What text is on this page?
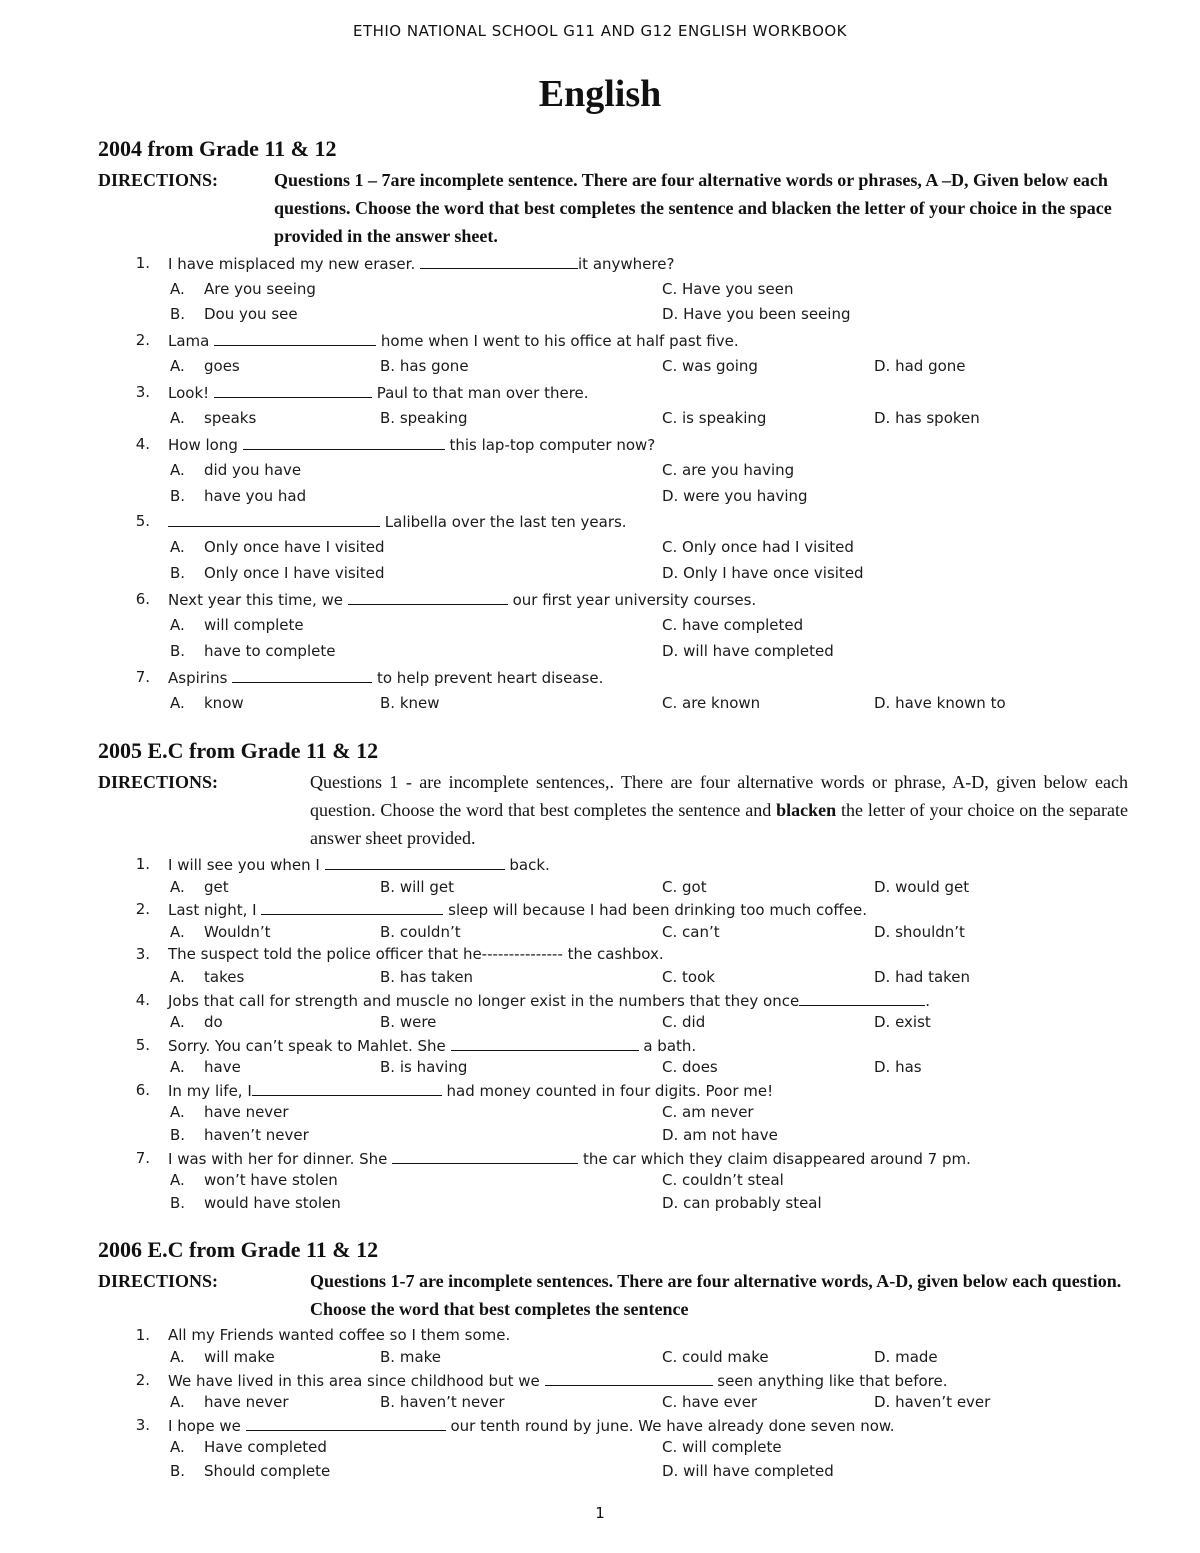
ETHIO NATIONAL SCHOOL G11 AND G12 ENGLISH WORKBOOK
English
2004 from Grade 11 & 12
DIRECTIONS:	Questions 1 – 7are incomplete sentence. There are four alternative words or phrases, A –D, Given below each questions. Choose the word that best completes the sentence and blacken the letter of your choice in the space provided in the answer sheet.
1. I have misplaced my new eraser.	it anywhere?
A. Are you seeing	C. Have you seen
B. Dou you see	D. Have you been seeing
2. Lama	home when I went to his office at half past five.
A. goes	B. has gone	C. was going	D. had gone
3. Look!	Paul to that man over there.
A. speaks	B. speaking	C. is speaking	D. has spoken
4. How long	this lap-top computer now?
A. did you have	C. are you having
B. have you had	D. were you having
5.	Lalibella over the last ten years.
A. Only once have I visited	C. Only once had I visited
B. Only once I have visited	D. Only I have once visited
6. Next year this time, we	our first year university courses.
A. will complete	C. have completed
B. have to complete	D. will have completed
7. Aspirins	to help prevent heart disease.
A. know	B. knew	C. are known	D. have known to
2005 E.C from Grade 11 & 12
DIRECTIONS:	Questions 1 - are incomplete sentences,. There are four alternative words or phrase, A-D, given below each question. Choose the word that best completes the sentence and blacken the letter of your choice on the separate answer sheet provided.
1. I will see you when I	back.
A. get	B. will get	C. got	D. would get
2. Last night, I	sleep will because I had been drinking too much coffee.
A. Wouldn’t	B. couldn’t	C. can’t	D. shouldn’t
3. The suspect told the police officer that he--------------- the cashbox.
A. takes	B. has taken	C. took	D. had taken
4. Jobs that call for strength and muscle no longer exist in the numbers that they once	.
A. do	B. were	C. did	D. exist
5. Sorry. You can’t speak to Mahlet. She	a bath.
A. have	B. is having	C. does	D. has
6. In my life, I	had money counted in four digits. Poor me!
A. have never	C. am never
B. haven’t never	D. am not have
7. I was with her for dinner. She	the car which they claim disappeared around 7 pm.
A. won’t have stolen	C. couldn’t steal
B. would have stolen	D. can probably steal
2006 E.C from Grade 11 & 12
DIRECTIONS:	Questions 1-7 are incomplete sentences. There are four alternative words, A-D, given below each question. Choose the word that best completes the sentence
1. All my Friends wanted coffee so I them some.
A. will make	B. make	C. could make	D. made
2. We have lived in this area since childhood but we	seen anything like that before.
A. have never	B. haven’t never	C. have ever	D. haven’t ever
3. I hope we	our tenth round by june. We have already done seven now.
A. Have completed	C. will complete
B. Should complete	D. will have completed
1
